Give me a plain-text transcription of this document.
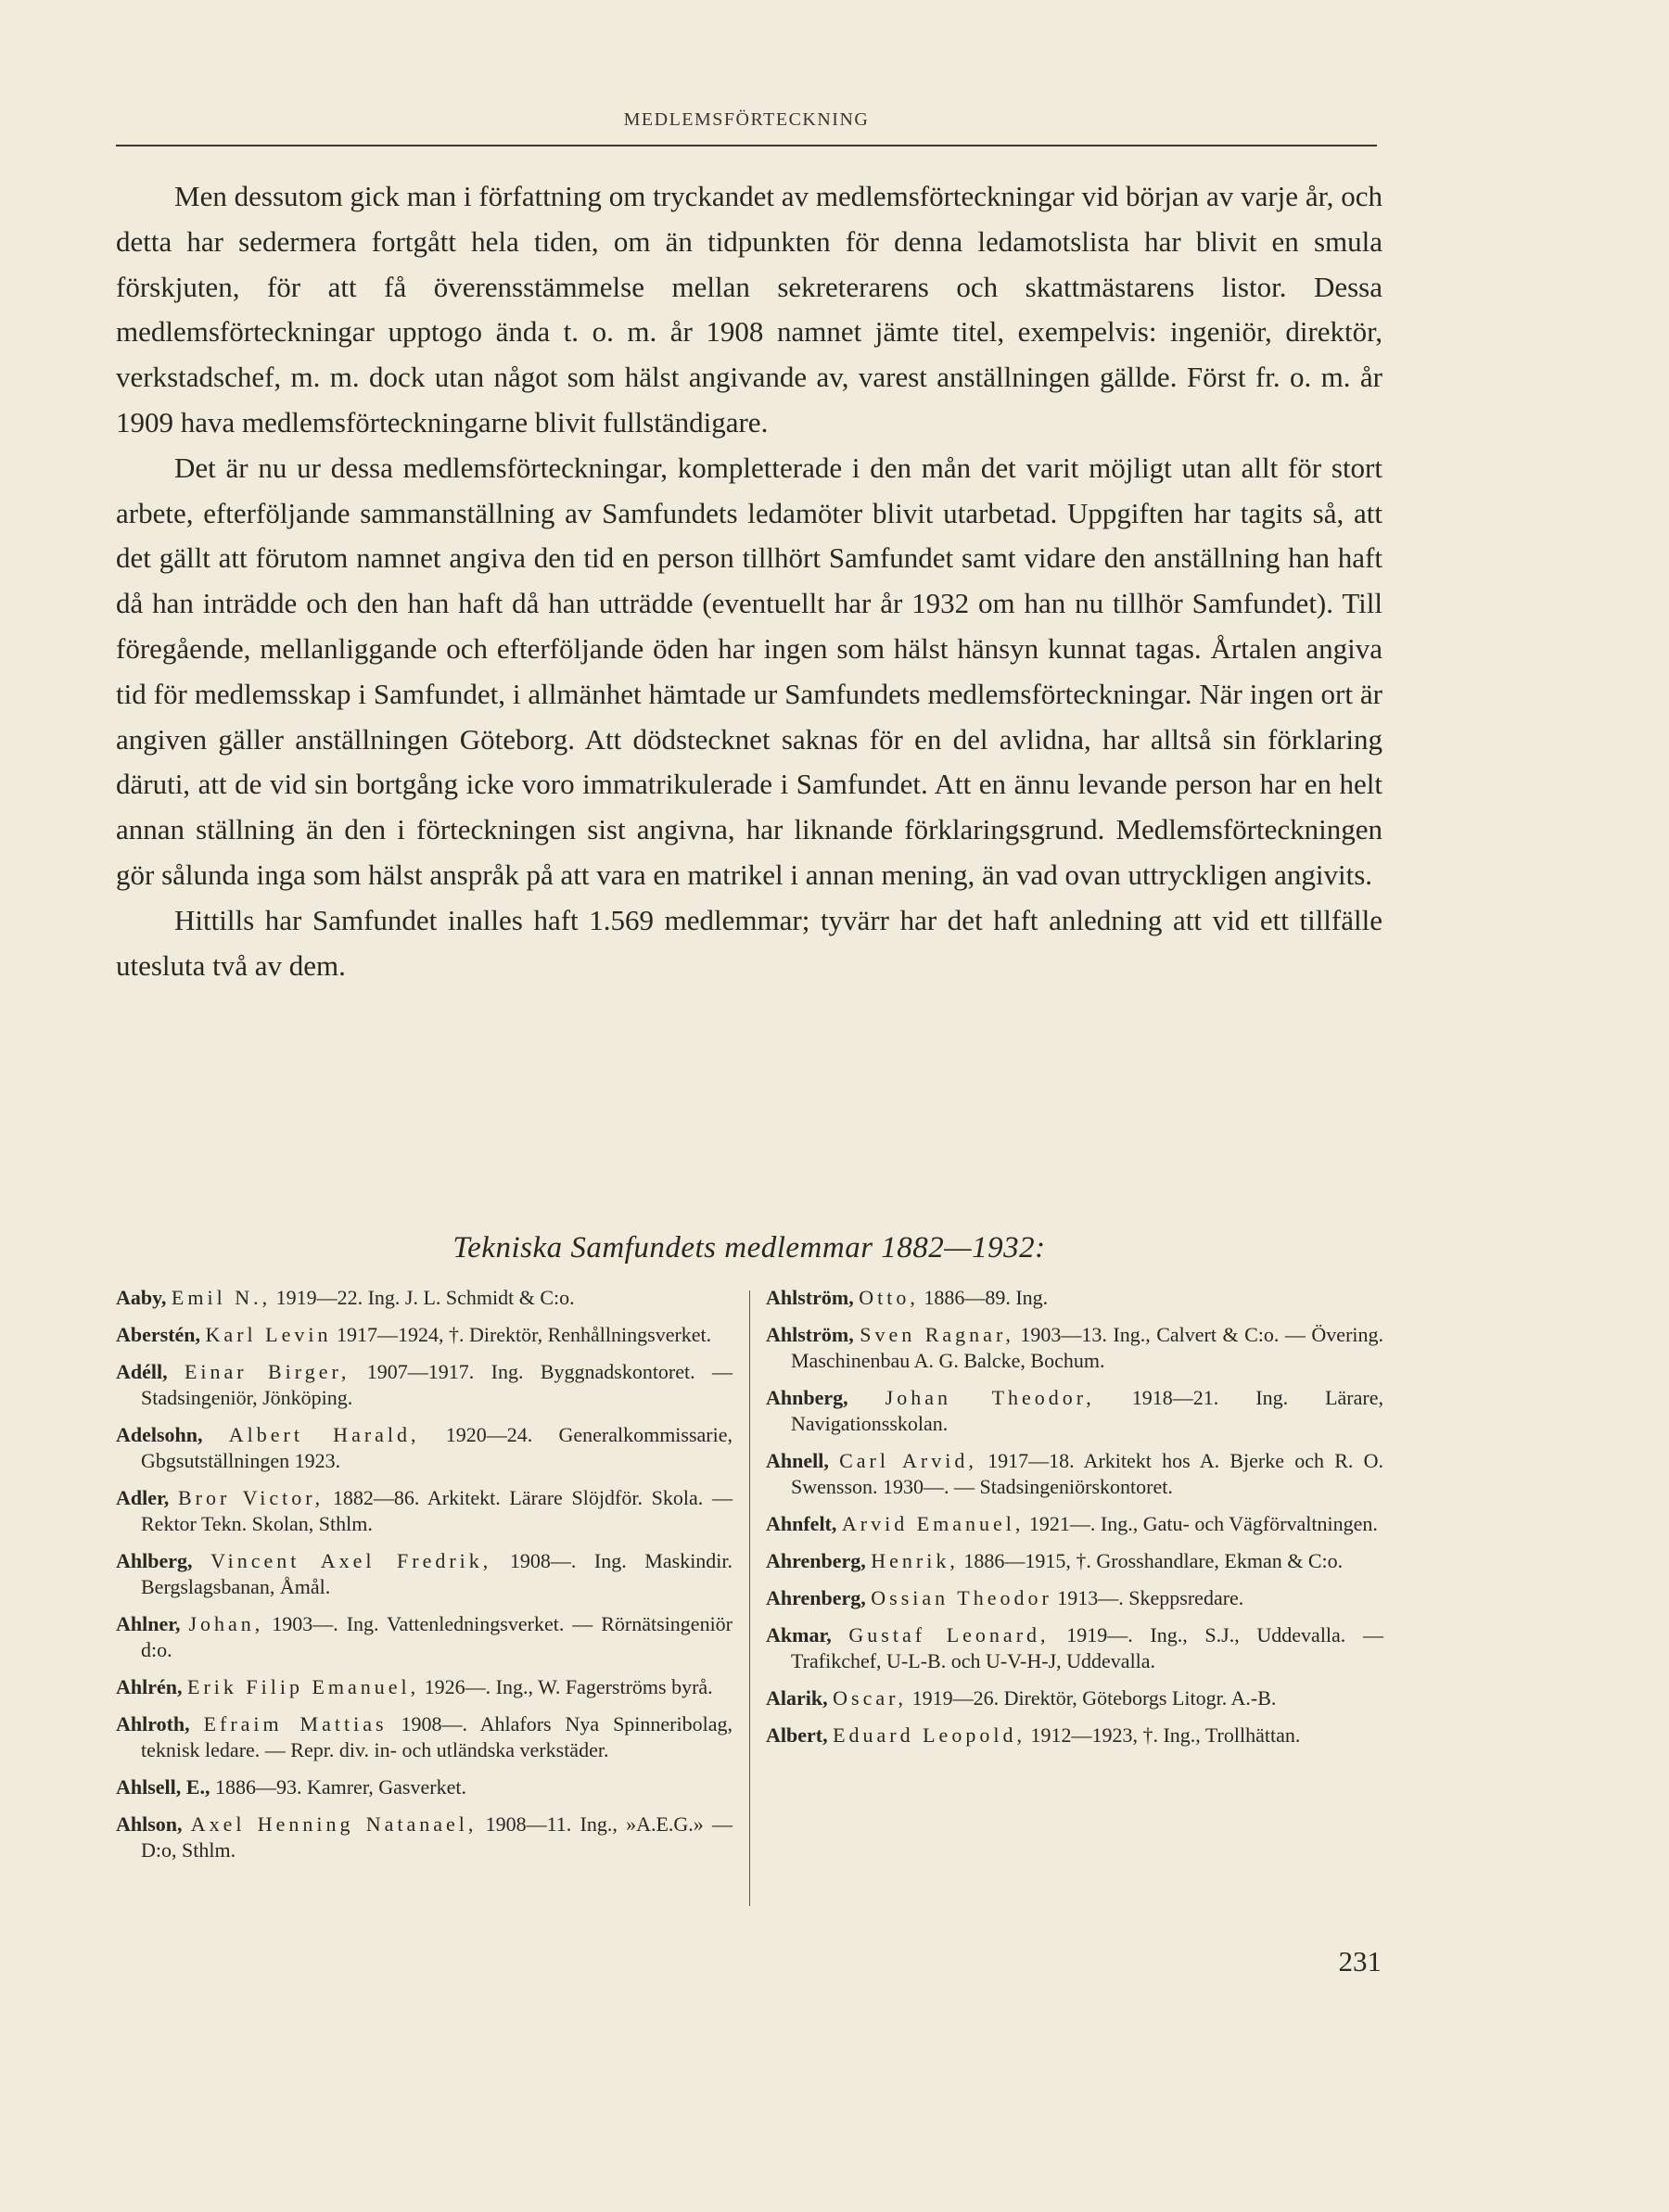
MEDLEMSFÖRTECKNING

Men dessutom gick man i författning om tryckandet av medlemsförteckningar vid början av varje år, och detta har sedermera fortgått hela tiden, om än tidpunkten för denna ledamotslista har blivit en smula förskjuten, för att få överensstämmelse mellan sekreterarens och skattmästarens listor. Dessa medlemsförteckningar upptogo ända t. o. m. år 1908 namnet jämte titel, exempelvis: ingeniör, direktör, verkstadschef, m. m. dock utan något som hälst angivande av, varest anställningen gällde. Först fr. o. m. år 1909 hava medlemsförteckningarne blivit fullständigare.

Det är nu ur dessa medlemsförteckningar, kompletterade i den mån det varit möjligt utan allt för stort arbete, efterföljande sammanställning av Samfundets ledamöter blivit utarbetad. Uppgiften har tagits så, att det gällt att förutom namnet angiva den tid en person tillhört Samfundet samt vidare den anställning han haft då han inträdde och den han haft då han utträdde (eventuellt har år 1932 om han nu tillhör Samfundet). Till föregående, mellanliggande och efterföljande öden har ingen som hälst hänsyn kunnat tagas. Årtalen angiva tid för medlemsskap i Samfundet, i allmänhet hämtade ur Samfundets medlemsförteckningar. När ingen ort är angiven gäller anställningen Göteborg. Att dödstecknet saknas för en del avlidna, har alltså sin förklaring däruti, att de vid sin bortgång icke voro immatrikulerade i Samfundet. Att en ännu levande person har en helt annan ställning än den i förteckningen sist angivna, har liknande förklaringsgrund. Medlemsförteckningen gör sålunda inga som hälst anspråk på att vara en matrikel i annan mening, än vad ovan uttryckligen angivits.

Hittills har Samfundet inalles haft 1.569 medlemmar; tyvärr har det haft anledning att vid ett tillfälle utesluta två av dem.

Tekniska Samfundets medlemmar 1882—1932:
Aaby, Emil N., 1919—22. Ing. J. L. Schmidt & C:o.
Aberstén, Karl Levin 1917—1924, †. Direktör, Renhållningsverket.
Adéll, Einar Birger, 1907—1917. Ing. Byggnadskontoret. — Stadsingeniör, Jönköping.
Adelsohn, Albert Harald, 1920—24. Generalkommissarie, Gbgsutställningen 1923.
Adler, Bror Victor, 1882—86. Arkitekt. Lärare Slöjdför. Skola. — Rektor Tekn. Skolan, Sthlm.
Ahlberg, Vincent Axel Fredrik, 1908—. Ing. Maskindir. Bergslagsbanan, Åmål.
Ahlner, Johan, 1903—. Ing. Vattenledningsverket. — Rörnätsingeniör d:o.
Ahlrén, Erik Filip Emanuel, 1926—. Ing., W. Fagerströms byrå.
Ahlroth, Efraim Mattias 1908—. Ahlafors Nya Spinneribolag, teknisk ledare. — Repr. div. in- och utländska verkstäder.
Ahlsell, E., 1886—93. Kamrer, Gasverket.
Ahlson, Axel Henning Natanael, 1908—11. Ing., »A.E.G.» — D:o, Sthlm.
Ahlström, Otto, 1886—89. Ing.
Ahlström, Sven Ragnar, 1903—13. Ing., Calvert & C:o. — Övering. Maschinenbau A. G. Balcke, Bochum.
Ahnberg, Johan Theodor, 1918—21. Ing. Lärare, Navigationsskolan.
Ahnell, Carl Arvid, 1917—18. Arkitekt hos A. Bjerke och R. O. Swensson. 1930—. — Stadsingeniörskontoret.
Ahnfelt, Arvid Emanuel, 1921—. Ing., Gatu- och Vägförvaltningen.
Ahrenberg, Henrik, 1886—1915, †. Grosshandlare, Ekman & C:o.
Ahrenberg, Ossian Theodor 1913—. Skeppsredare.
Akmar, Gustaf Leonard, 1919—. Ing., S.J., Uddevalla. — Trafikchef, U-L-B. och U-V-H-J, Uddevalla.
Alarik, Oscar, 1919—26. Direktör, Göteborgs Litogr. A.-B.
Albert, Eduard Leopold, 1912—1923, †. Ing., Trollhättan.
231
